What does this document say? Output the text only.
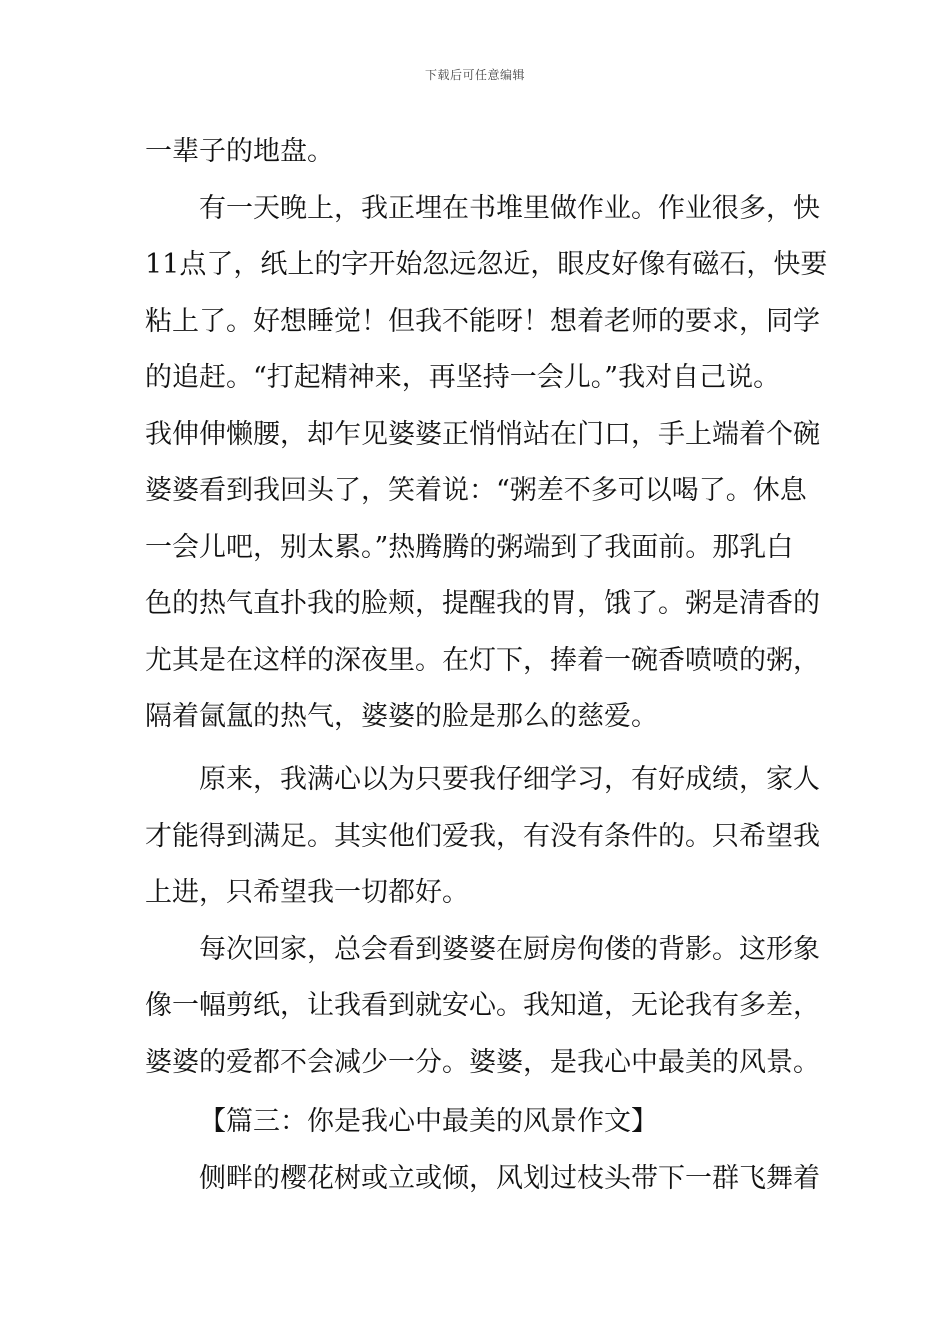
下载后可任意编辑
一辈子的地盘。
有一天晚上，我正埋在书堆里做作业。作业很多，快
11点了，纸上的字开始忽远忽近，眼皮好像有磁石，快要
粘上了。好想睡觉！但我不能呀！想着老师的要求，同学
的追赶。“打起精神来，再坚持一会儿。”我对自己说。
我伸伸懒腰，却乍见婆婆正悄悄站在门口，手上端着个碗
婆婆看到我回头了，笑着说：“粥差不多可以喝了。休息
一会儿吧，别太累。”热腾腾的粥端到了我面前。那乳白
色的热气直扑我的脸颊，提醒我的胃，饿了。粥是清香的
尤其是在这样的深夜里。在灯下，捧着一碗香喷喷的粥，
隔着氤氲的热气，婆婆的脸是那么的慈爱。
原来，我满心以为只要我仔细学习，有好成绩，家人
才能得到满足。其实他们爱我，有没有条件的。只希望我
上进，只希望我一切都好。
每次回家，总会看到婆婆在厨房佝偻的背影。这形象
像一幅剪纸，让我看到就安心。我知道，无论我有多差，
婆婆的爱都不会减少一分。婆婆，是我心中最美的风景。
【篇三：你是我心中最美的风景作文】
侧畔的樱花树或立或倾，风划过枝头带下一群飞舞着
